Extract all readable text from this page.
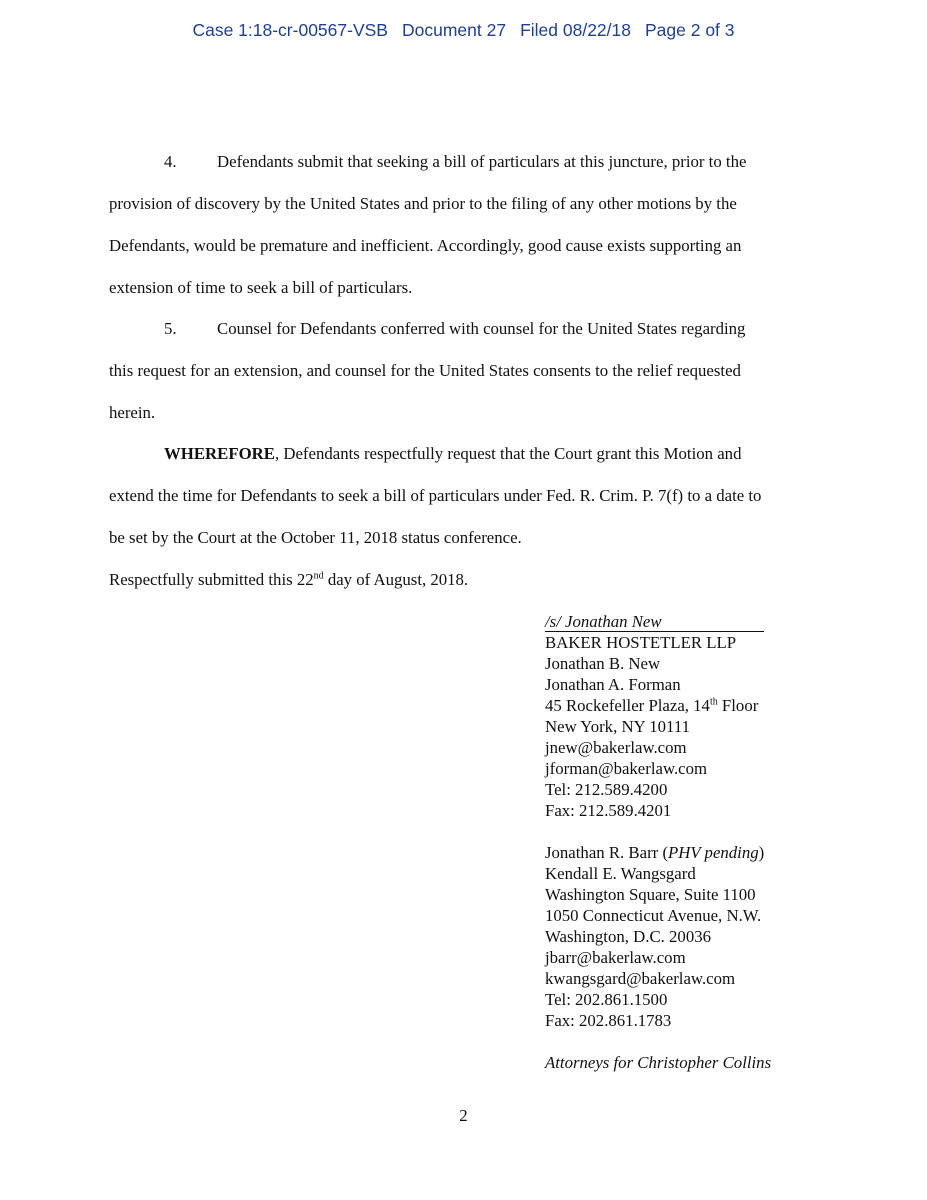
Case 1:18-cr-00567-VSB Document 27 Filed 08/22/18 Page 2 of 3
4. Defendants submit that seeking a bill of particulars at this juncture, prior to the
provision of discovery by the United States and prior to the filing of any other motions by the
Defendants, would be premature and inefficient. Accordingly, good cause exists supporting an
extension of time to seek a bill of particulars.
5. Counsel for Defendants conferred with counsel for the United States regarding
this request for an extension, and counsel for the United States consents to the relief requested
herein.
WHEREFORE, Defendants respectfully request that the Court grant this Motion and
extend the time for Defendants to seek a bill of particulars under Fed. R. Crim. P. 7(f) to a date to
be set by the Court at the October 11, 2018 status conference.
Respectfully submitted this 22nd day of August, 2018.
/s/ Jonathan New
BAKER HOSTETLER LLP
Jonathan B. New
Jonathan A. Forman
45 Rockefeller Plaza, 14th Floor
New York, NY 10111
jnew@bakerlaw.com
jforman@bakerlaw.com
Tel: 212.589.4200
Fax: 212.589.4201
Jonathan R. Barr (PHV pending)
Kendall E. Wangsgard
Washington Square, Suite 1100
1050 Connecticut Avenue, N.W.
Washington, D.C. 20036
jbarr@bakerlaw.com
kwangsgard@bakerlaw.com
Tel: 202.861.1500
Fax: 202.861.1783
Attorneys for Christopher Collins
2
